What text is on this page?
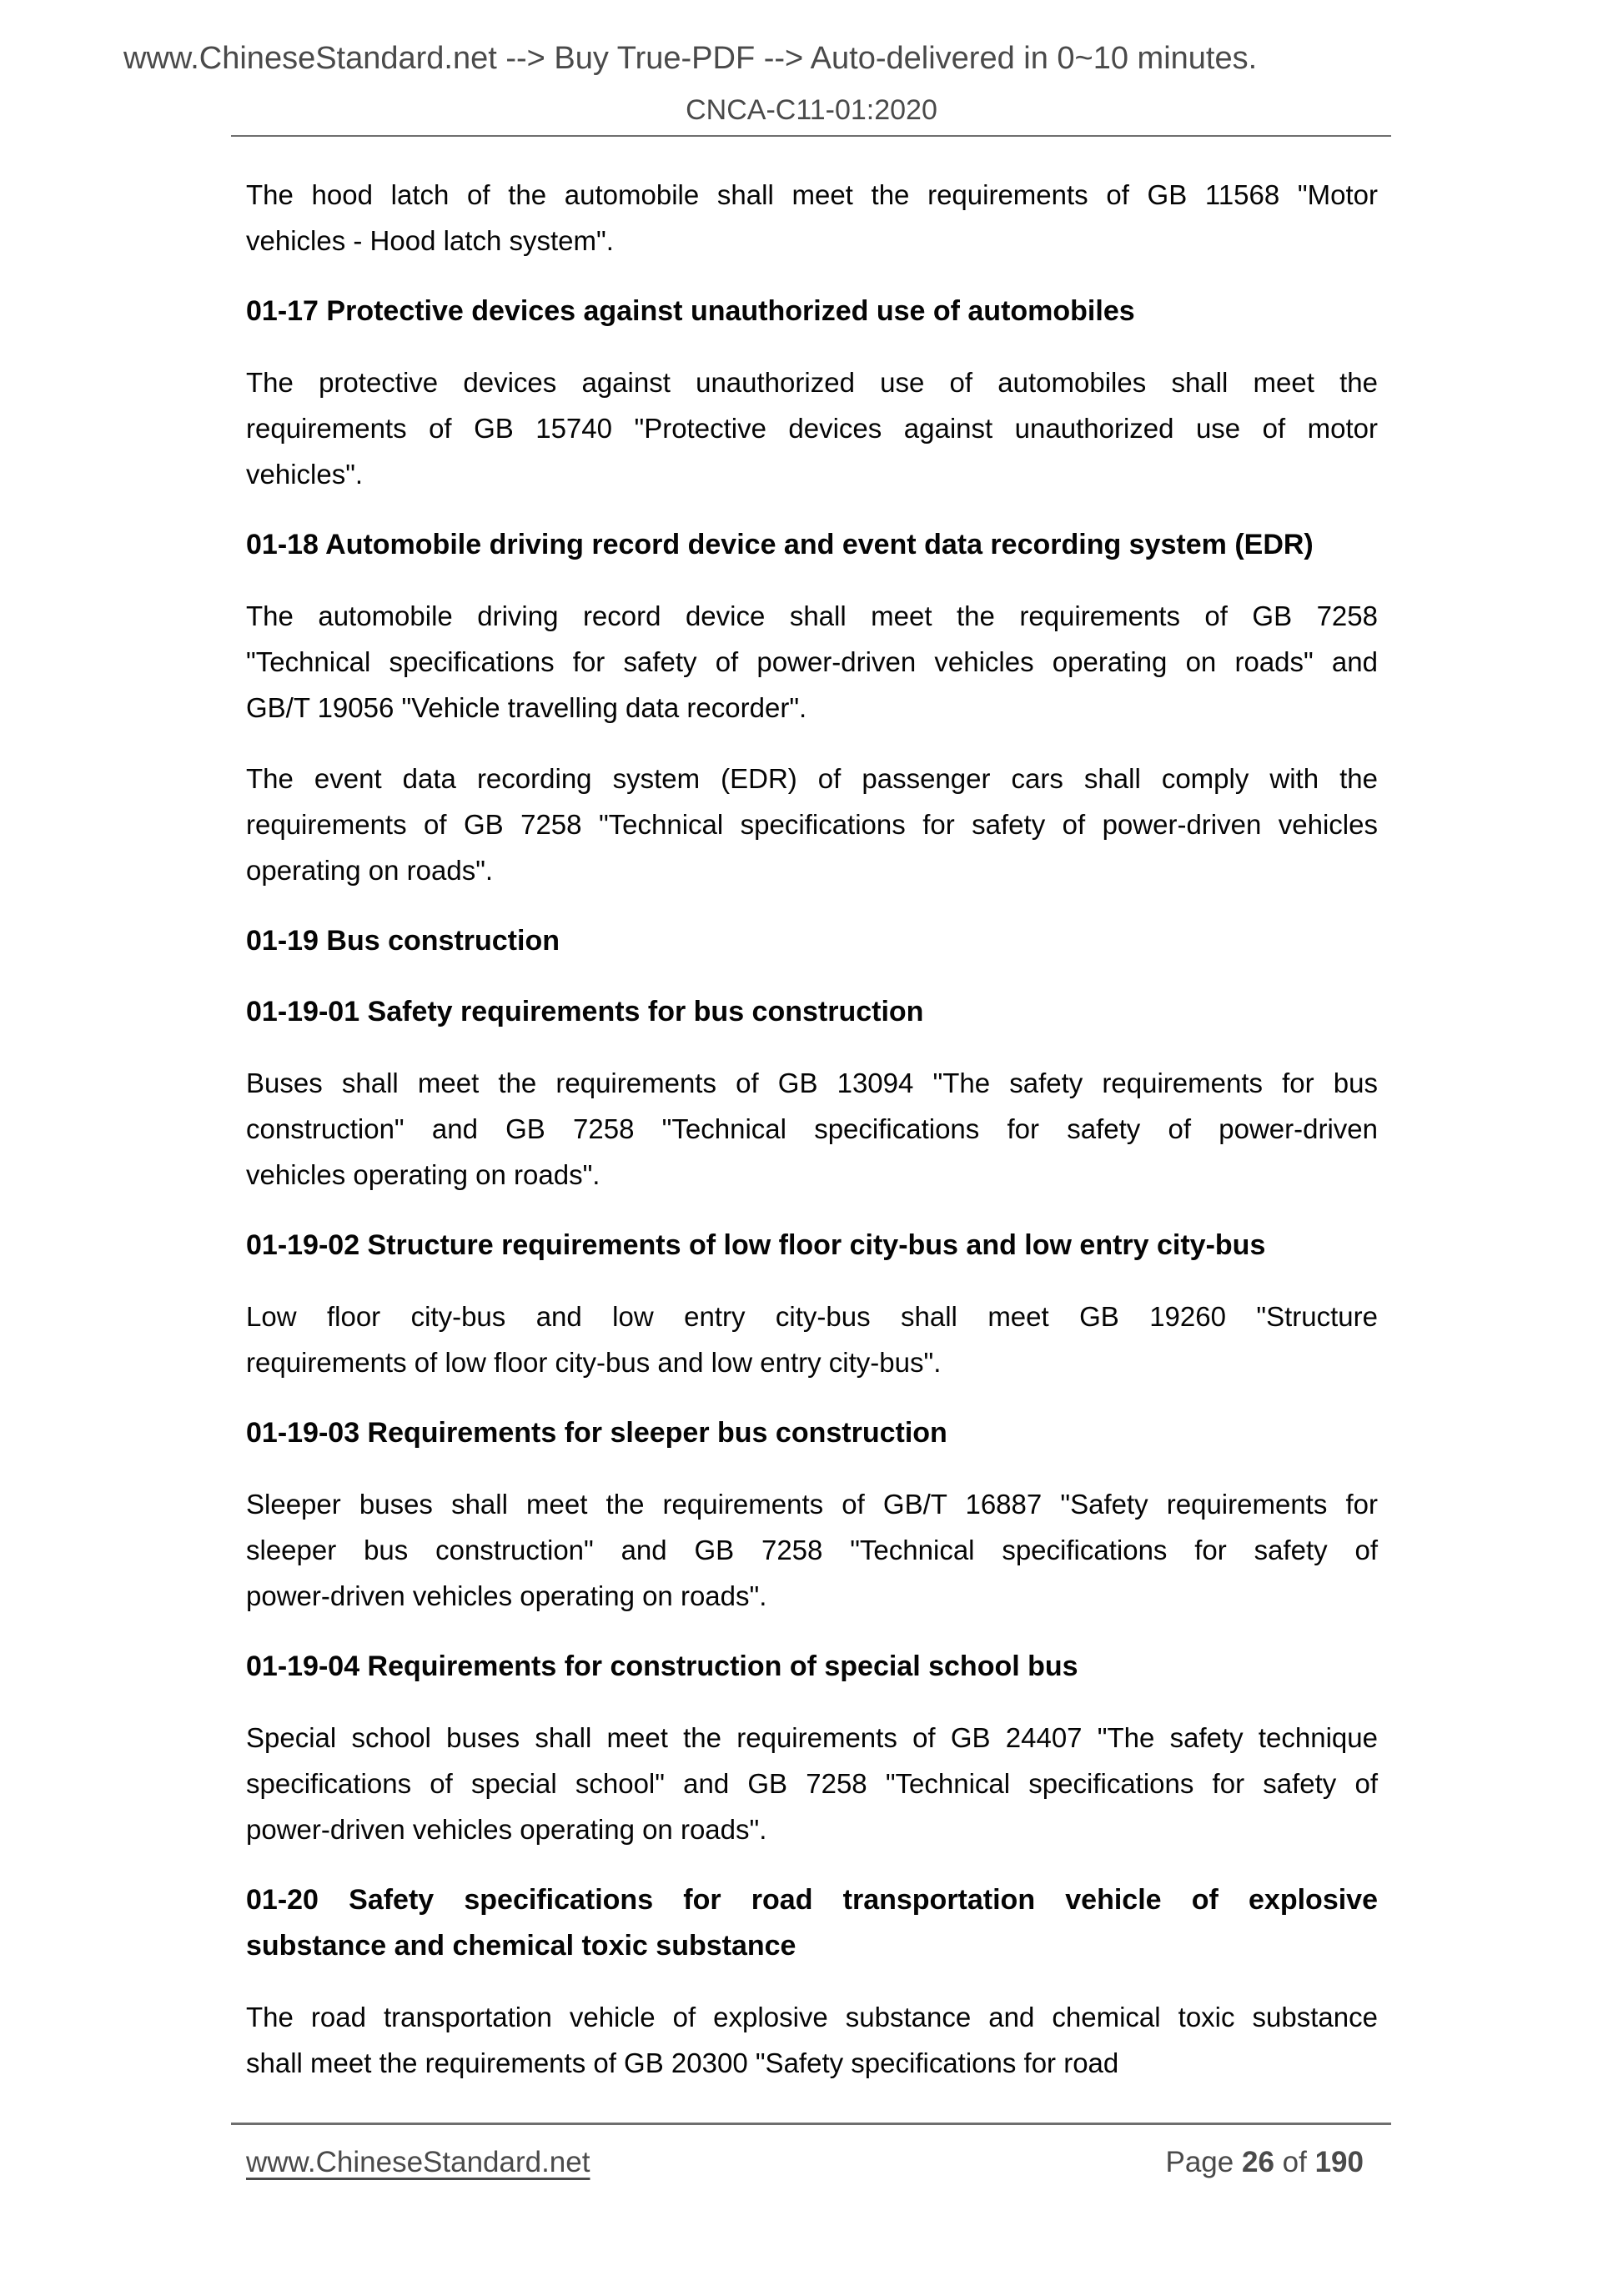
www.ChineseStandard.net --> Buy True-PDF --> Auto-delivered in 0~10 minutes.
CNCA-C11-01:2020
The hood latch of the automobile shall meet the requirements of GB 11568 "Motor
vehicles - Hood latch system".
01-17 Protective devices against unauthorized use of automobiles
The protective devices against unauthorized use of automobiles shall meet the
requirements of GB 15740 "Protective devices against unauthorized use of motor
vehicles".
01-18 Automobile driving record device and event data recording system (EDR)
The automobile driving record device shall meet the requirements of GB 7258
"Technical specifications for safety of power-driven vehicles operating on roads" and
GB/T 19056 "Vehicle travelling data recorder".
The event data recording system (EDR) of passenger cars shall comply with the
requirements of GB 7258 "Technical specifications for safety of power-driven vehicles
operating on roads".
01-19 Bus construction
01-19-01 Safety requirements for bus construction
Buses shall meet the requirements of GB 13094 "The safety requirements for bus
construction" and GB 7258 "Technical specifications for safety of power-driven
vehicles operating on roads".
01-19-02 Structure requirements of low floor city-bus and low entry city-bus
Low floor city-bus and low entry city-bus shall meet GB 19260 "Structure
requirements of low floor city-bus and low entry city-bus".
01-19-03 Requirements for sleeper bus construction
Sleeper buses shall meet the requirements of GB/T 16887 "Safety requirements for
sleeper bus construction" and GB 7258 "Technical specifications for safety of
power-driven vehicles operating on roads".
01-19-04 Requirements for construction of special school bus
Special school buses shall meet the requirements of GB 24407 "The safety technique
specifications of special school" and GB 7258 "Technical specifications for safety of
power-driven vehicles operating on roads".
01-20 Safety specifications for road transportation vehicle of explosive
substance and chemical toxic substance
The road transportation vehicle of explosive substance and chemical toxic substance
shall meet the requirements of GB 20300 "Safety specifications for road
www.ChineseStandard.net	Page 26 of 190
